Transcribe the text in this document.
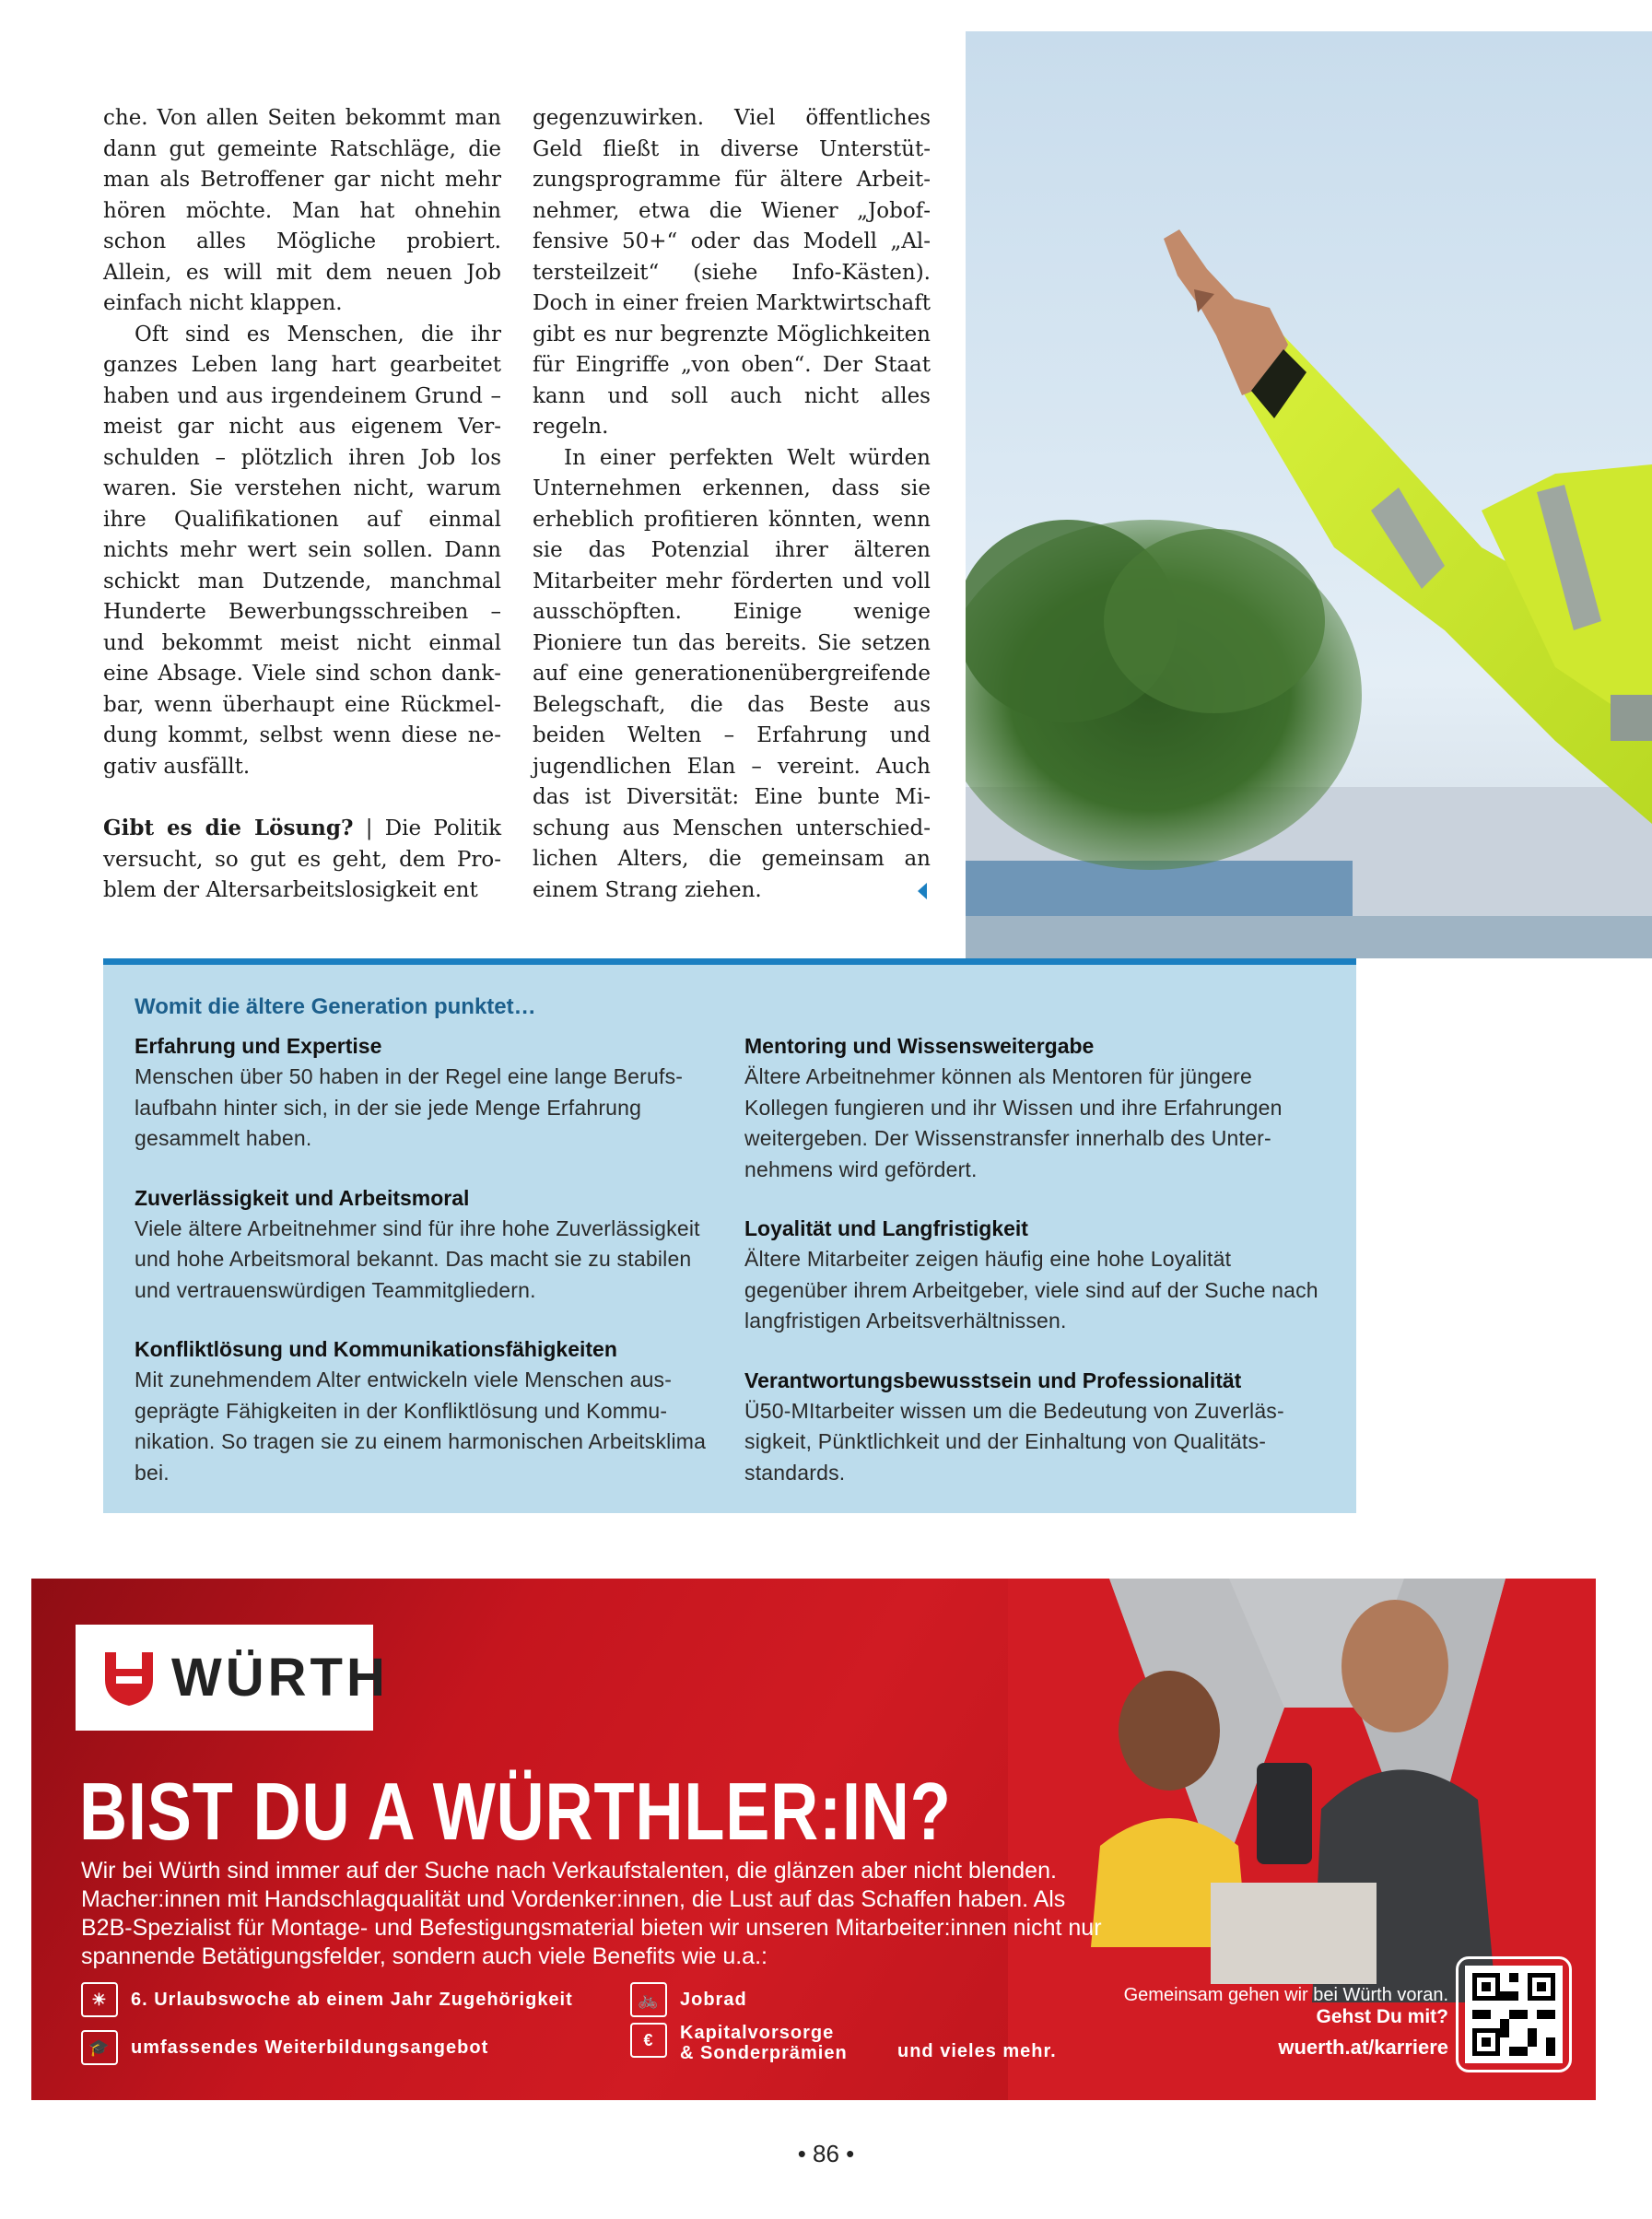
che. Von allen Seiten bekommt man dann gut gemeinte Ratschläge, die man als Betroffener gar nicht mehr hören möchte. Man hat ohnehin schon alles Mögliche probiert. Allein, es will mit dem neuen Job einfach nicht klappen.

Oft sind es Menschen, die ihr ganzes Leben lang hart gearbeitet haben und aus irgendeinem Grund – meist gar nicht aus eigenem Verschulden – plötzlich ihren Job los waren. Sie verstehen nicht, warum ihre Qualifikationen auf einmal nichts mehr wert sein sollen. Dann schickt man Dutzende, manchmal Hunderte Bewerbungsschreiben – und bekommt meist nicht einmal eine Absage. Viele sind schon dankbar, wenn überhaupt eine Rückmeldung kommt, selbst wenn diese negativ ausfällt.

Gibt es die Lösung? | Die Politik versucht, so gut es geht, dem Problem der Altersarbeitslosigkeit ent

gegenzuwirken. Viel öffentliches Geld fließt in diverse Unterstützungsprogramme für ältere Arbeitnehmer, etwa die Wiener „Joboffensive 50+“ oder das Modell „Altersteilzeit“ (siehe Info-Kästen). Doch in einer freien Marktwirtschaft gibt es nur begrenzte Möglichkeiten für Eingriffe „von oben“. Der Staat kann und soll auch nicht alles regeln.

In einer perfekten Welt würden Unternehmen erkennen, dass sie erheblich profitieren könnten, wenn sie das Potenzial ihrer älteren Mitarbeiter mehr förderten und voll ausschöpften. Einige wenige Pioniere tun das bereits. Sie setzen auf eine generationenübergreifende Belegschaft, die das Beste aus beiden Welten – Erfahrung und jugendlichen Elan – vereint. Auch das ist Diversität: Eine bunte Mischung aus Menschen unterschiedlichen Alters, die gemeinsam an einem Strang ziehen.

Womit die ältere Generation punktet…
Erfahrung und Expertise

Menschen über 50 haben in der Regel eine lange Berufslaufbahn hinter sich, in der sie jede Menge Erfahrung gesammelt haben.

Zuverlässigkeit und Arbeitsmoral

Viele ältere Arbeitnehmer sind für ihre hohe Zuverlässigkeit und hohe Arbeitsmoral bekannt. Das macht sie zu stabilen und vertrauenswürdigen Teammitgliedern.

Konfliktlösung und Kommunikationsfähigkeiten

Mit zunehmendem Alter entwickeln viele Menschen ausgeprägte Fähigkeiten in der Konfliktlösung und Kommunikation. So tragen sie zu einem harmonischen Arbeitsklima bei.

Mentoring und Wissensweitergabe

Ältere Arbeitnehmer können als Mentoren für jüngere Kollegen fungieren und ihr Wissen und ihre Erfahrungen weitergeben. Der Wissenstransfer innerhalb des Unternehmens wird gefördert.

Loyalität und Langfristigkeit

Ältere Mitarbeiter zeigen häufig eine hohe Loyalität gegenüber ihrem Arbeitgeber, viele sind auf der Suche nach langfristigen Arbeitsverhältnissen.

Verantwortungsbewusstsein und Professionalität

Ü50-MItarbeiter wissen um die Bedeutung von Zuverlässigkeit, Pünktlichkeit und der Einhaltung von Qualitätsstandards.

WÜRTH
BIST DU A WÜRTHLER:IN?
Wir bei Würth sind immer auf der Suche nach Verkaufstalenten, die glänzen aber nicht blenden. Macher:innen mit Handschlagqualität und Vordenker:innen, die Lust auf das Schaffen haben. Als B2B-Spezialist für Montage- und Befestigungsmaterial bieten wir unseren Mitarbeiter:innen nicht nur spannende Betätigungsfelder, sondern auch viele Benefits wie u.a.:
☀	6. Urlaubswoche ab einem Jahr Zugehörigkeit
🎓	umfassendes Weiterbildungsangebot
🚲	Jobrad
€	Kapitalvorsorge
& Sonderprämien	und vieles mehr.
Gemeinsam gehen wir bei Würth voran.
Gehst Du mit?
wuerth.at/karriere
• 86 •
